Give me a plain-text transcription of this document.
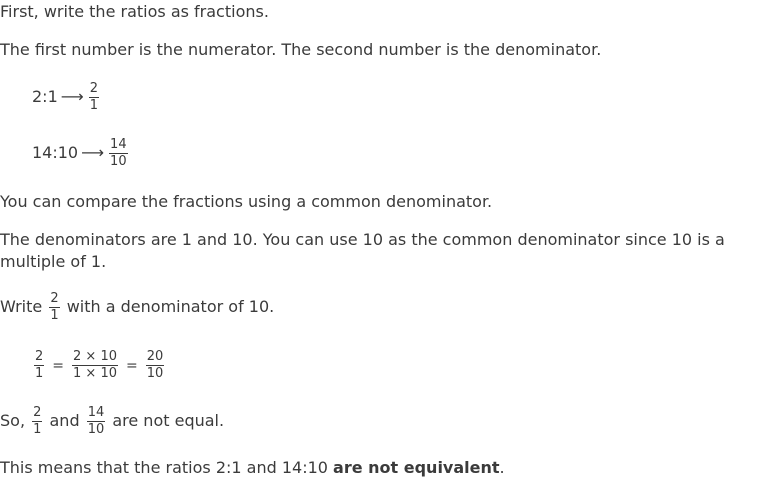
First, write the ratios as fractions.
The first number is the numerator. The second number is the denominator.
2:1 ⟶ $\frac{2}{1}$
14:10 ⟶ $\frac{14}{10}$
You can compare the fractions using a common denominator.
The denominators are 1 and 10. You can use 10 as the common denominator since 10 is a multiple of 1.
Write $\frac{2}{1}$ with a denominator of 10.
$\frac{2}{1} = \frac{2 \times 10}{1 \times 10} = \frac{20}{10}$
So, $\frac{2}{1}$ and $\frac{14}{10}$ are not equal.
This means that the ratios 2:1 and 14:10 are not equivalent.
